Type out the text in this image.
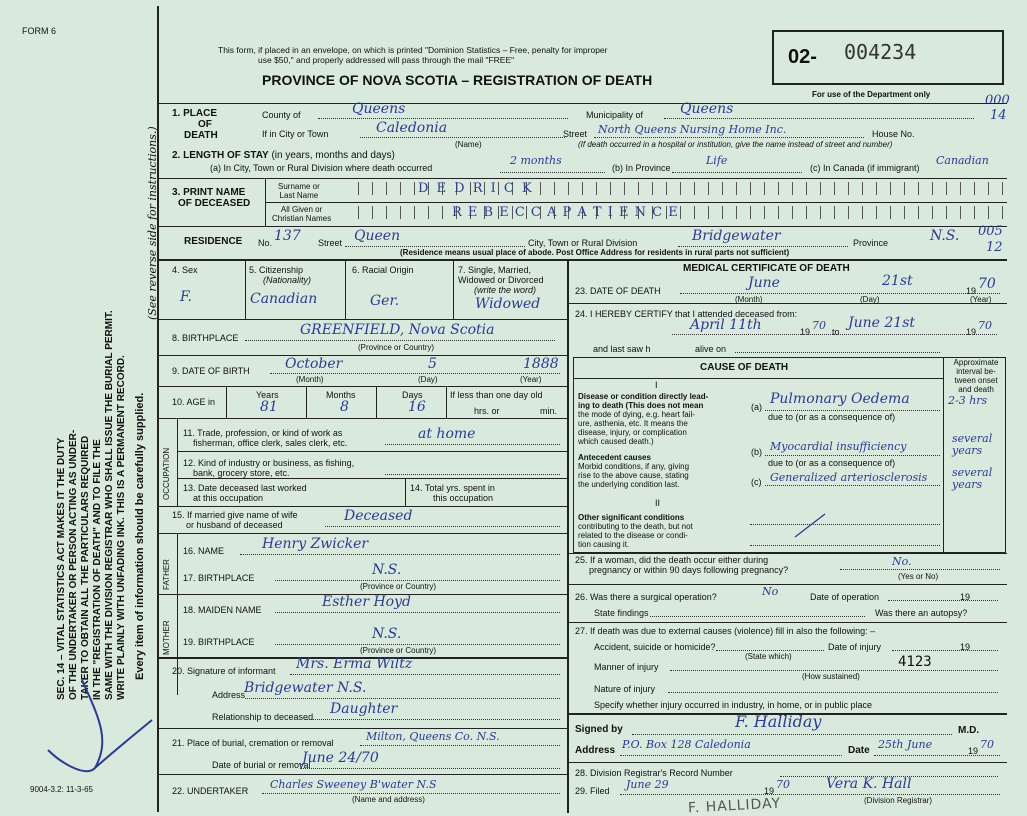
FORM 6
SEC. 14 – VITAL STATISTICS ACT MAKES IT THE DUTY OF THE UNDERTAKER OR PERSON ACTING AS UNDER- TAKER TO OBTAIN ALL THE PARTICULARS REQUIRED IN THE "REGISTRATION OF DEATH" AND TO FILE THE SAME WITH THE DIVISION REGISTRAR WHO SHALL ISSUE THE BURIAL PERMIT. WRITE PLAINLY WITH UNFADING INK. THIS IS A PERMANENT RECORD. Every item of information should be carefully supplied.
(See reverse side for instructions.)
9004-3.2: 11-3-65
This form, if placed in an envelope, on which is printed "Dominion Statistics – Free, penalty for improper
use $50," and properly addressed will pass through the mail "FREE"
PROVINCE OF NOVA SCOTIA – REGISTRATION OF DEATH
02- 004234
For use of the Department only	000
14
1. PLACE
OF
DEATH
County of	Queens	Municipality of	Queens
If in City or Town	Caledonia
(Name)
Street North Queens Nursing Home Inc.	House No.
(If death occurred in a hospital or institution, give the name instead of street and number)
2. LENGTH OF STAY (in years, months and days)
(a) In City, Town or Rural Division where death occurred
2 months
(b) In Province
Life
(c) In Canada (if immigrant)
Canadian
3. PRINT NAME
OF DECEASED
Surname or
Last Name
All Given or
Christian Names
D E D R I C K
R E B E C C A P A T I E N C E
RESIDENCE No. 137 Street Queen	City, Town or Rural Division	Bridgewater	Province	N.S. 005
12
(Residence means usual place of abode. Post Office Address for residents in rural parts not sufficient)
4. Sex
F.
5. Citizenship
(Nationality)
Canadian
6. Racial Origin
Ger.
7. Single, Married,
Widowed or Divorced
(write the word)
Widowed
8. BIRTHPLACE	GREENFIELD, Nova Scotia
(Province or Country)
9. DATE OF BIRTH	October	5	1888
(Month)	(Day)	(Year)
10. AGE in
Years
81
Months
8
Days
16
If less than one day old
hrs. or	min.
OCCUPATION
11. Trade, profession, or kind of work as
fisherman, office clerk, sales clerk, etc.
at home
12. Kind of industry or business, as fishing,
bank, grocery store, etc.
13. Date deceased last worked
at this occupation
14. Total yrs. spent in
this occupation
15. If married give name of wife
or husband of deceased
Deceased
FATHER
16. NAME	Henry Zwicker
17. BIRTHPLACE	N.S.
(Province or Country)
MOTHER
18. MAIDEN NAME	Esther Hoyd
19. BIRTHPLACE	N.S.
(Province or Country)
20. Signature of informant Mrs. Erma Wiltz
Address
Bridgewater N.S.
Relationship to deceased Daughter
21. Place of burial, cremation or removal	Milton, Queens Co. N.S.
Date of burial or removal
June 24/70
22. UNDERTAKER Charles Sweeney B'water N.S
(Name and address)
MEDICAL CERTIFICATE OF DEATH
23. DATE OF DEATH	June	21st
19 70
(Month)	(Day)	(Year)
24. I HEREBY CERTIFY that I attended deceased from:
April 11th	19 70 to
June 21st
19 70
and last saw h	alive on
CAUSE OF DEATH	Approximate
interval be-
tween onset
and death
I
Disease or condition directly lead-
ing to death (This does not mean
the mode of dying, e.g. heart fail-
ure, asthenia, etc. It means the
disease, injury, or complication
which caused death.)
(a) Pulmonary Oedema	2-3 hrs
due to (or as a consequence of)
Antecedent causes
Morbid conditions, if any, giving
rise to the above cause, stating
the underlying condition last.
(b) Myocardial insufficiency
several years
due to (or as a consequence of)
(c) Generalized arteriosclerosis several years
II
Other significant conditions
contributing to the death, but not
related to the disease or condi-
tion causing it.
25. If a woman, did the death occur either during
pregnancy or within 90 days following pregnancy?
No.
(Yes or No)
26. Was there a surgical operation?	No	Date of operation	19
State findings	Was there an autopsy?
27. If death was due to external causes (violence) fill in also the following: –
Accident, suicide or homicide?
(State which)
Date of injury	19
Manner of injury	4123
(How sustained)
Nature of injury
Specify whether injury occurred in industry, in home, or in public place
Signed by	F. Halliday	M.D.
Address P.O. Box 128 Caledonia	Date 25th June	19 70
28. Division Registrar's Record Number
29. Filed June 29	19 70	Vera K. Hall
(Division Registrar)
F. HALLIDAY
